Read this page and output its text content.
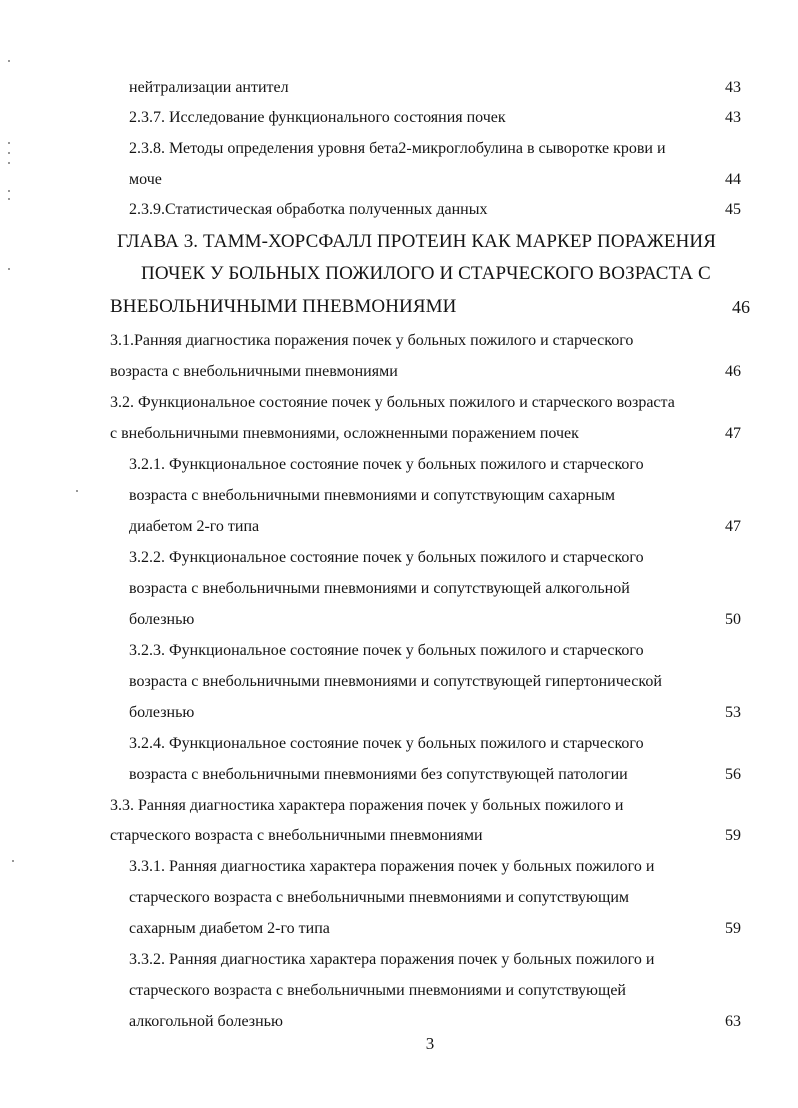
нейтрализации антител	43
2.3.7. Исследование функционального состояния почек	43
2.3.8. Методы определения уровня бета2-микроглобулина в сыворотке крови и
моче	44
2.3.9.Статистическая обработка полученных данных	45
ГЛАВА 3. ТАММ-ХОРСФАЛЛ ПРОТЕИН КАК МАРКЕР ПОРАЖЕНИЯ
ПОЧЕК У БОЛЬНЫХ ПОЖИЛОГО И СТАРЧЕСКОГО ВОЗРАСТА С
ВНЕБОЛЬНИЧНЫМИ ПНЕВМОНИЯМИ	46
3.1.Ранняя диагностика поражения почек у больных пожилого и старческого
возраста с внебольничными пневмониями	46
3.2. Функциональное состояние почек у больных пожилого и старческого возраста
с внебольничными пневмониями, осложненными поражением почек	47
3.2.1. Функциональное состояние почек у больных пожилого и старческого
возраста с внебольничными пневмониями и сопутствующим сахарным
диабетом 2-го типа	47
3.2.2. Функциональное состояние почек у больных пожилого и старческого
возраста с внебольничными пневмониями и сопутствующей алкогольной
болезнью	50
3.2.3. Функциональное состояние почек у больных пожилого и старческого
возраста с внебольничными пневмониями и сопутствующей гипертонической
болезнью	53
3.2.4. Функциональное состояние почек у больных пожилого и старческого
возраста с внебольничными пневмониями без сопутствующей патологии	56
3.3. Ранняя диагностика характера поражения почек у больных пожилого и
старческого возраста с внебольничными пневмониями	59
3.3.1. Ранняя диагностика характера поражения почек у больных пожилого и
старческого возраста с внебольничными пневмониями и сопутствующим
сахарным диабетом 2-го типа	59
3.3.2. Ранняя диагностика характера поражения почек у больных пожилого и
старческого возраста с внебольничными пневмониями и сопутствующей
алкогольной болезнью	63
3
